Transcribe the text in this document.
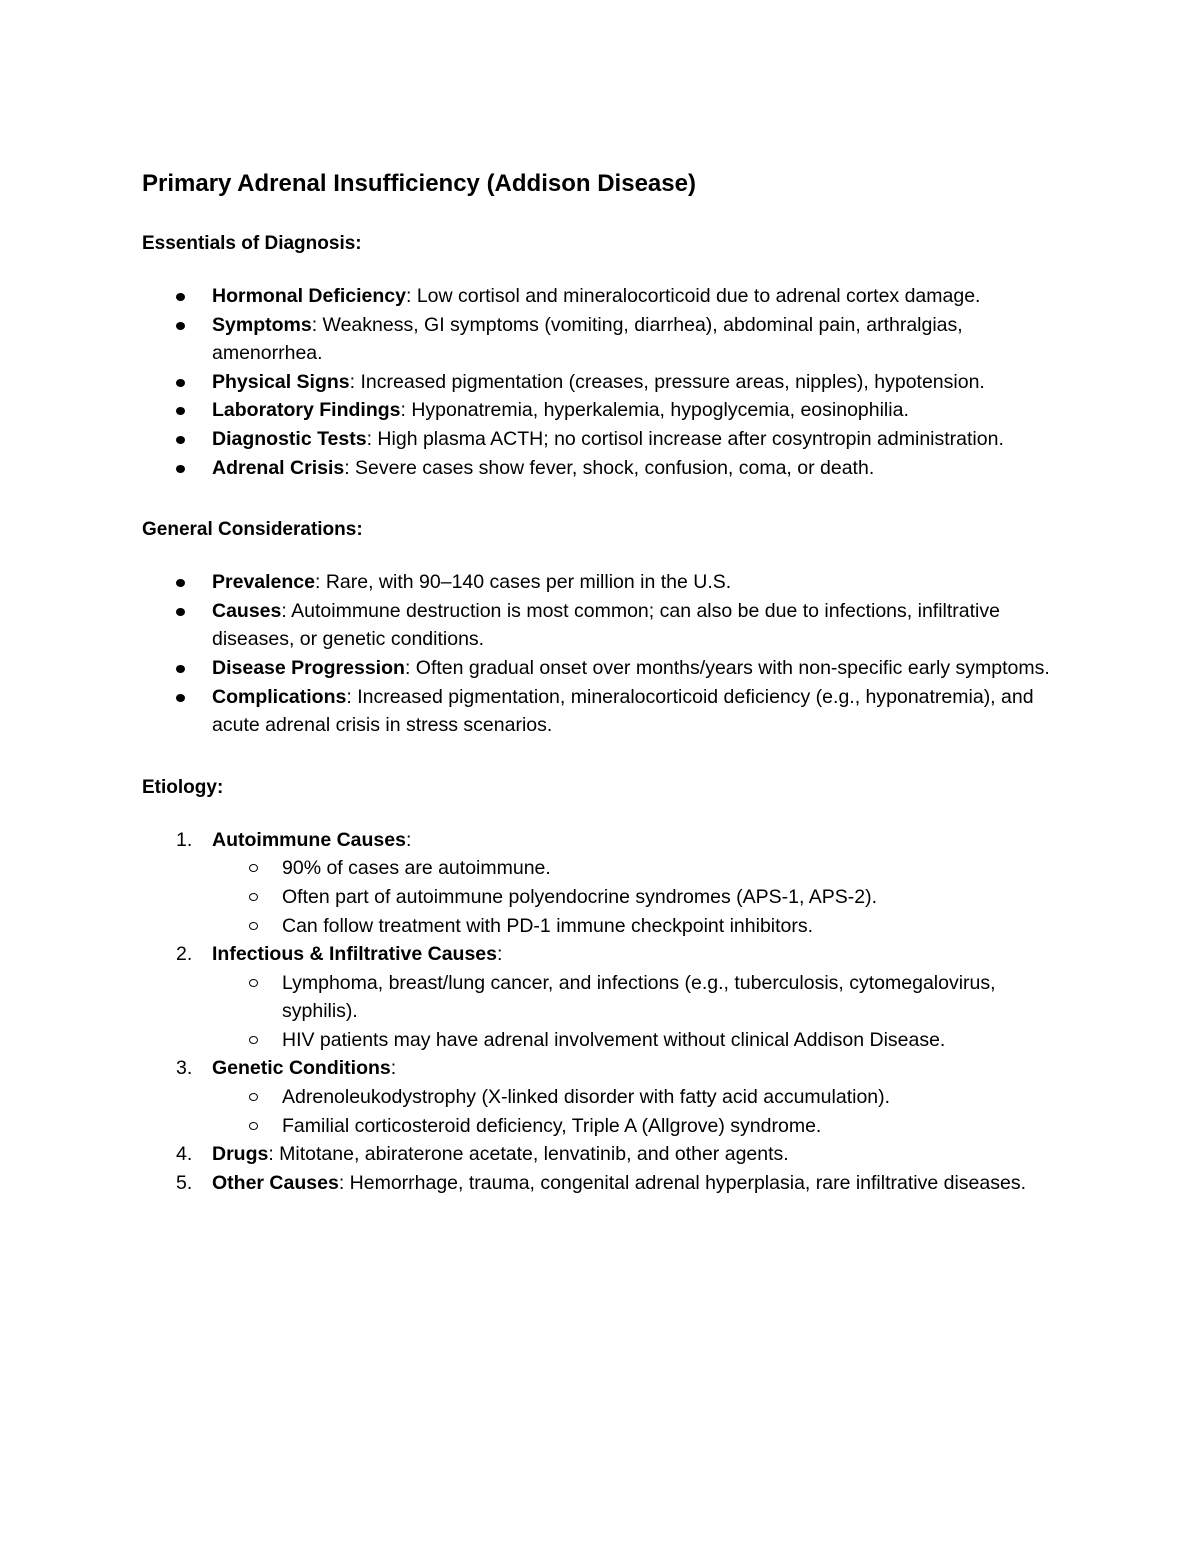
Primary Adrenal Insufficiency (Addison Disease)
Essentials of Diagnosis:
Hormonal Deficiency: Low cortisol and mineralocorticoid due to adrenal cortex damage.
Symptoms: Weakness, GI symptoms (vomiting, diarrhea), abdominal pain, arthralgias, amenorrhea.
Physical Signs: Increased pigmentation (creases, pressure areas, nipples), hypotension.
Laboratory Findings: Hyponatremia, hyperkalemia, hypoglycemia, eosinophilia.
Diagnostic Tests: High plasma ACTH; no cortisol increase after cosyntropin administration.
Adrenal Crisis: Severe cases show fever, shock, confusion, coma, or death.
General Considerations:
Prevalence: Rare, with 90–140 cases per million in the U.S.
Causes: Autoimmune destruction is most common; can also be due to infections, infiltrative diseases, or genetic conditions.
Disease Progression: Often gradual onset over months/years with non-specific early symptoms.
Complications: Increased pigmentation, mineralocorticoid deficiency (e.g., hyponatremia), and acute adrenal crisis in stress scenarios.
Etiology:
1.	Autoimmune Causes:
90% of cases are autoimmune.
Often part of autoimmune polyendocrine syndromes (APS-1, APS-2).
Can follow treatment with PD-1 immune checkpoint inhibitors.
2.	Infectious & Infiltrative Causes:
Lymphoma, breast/lung cancer, and infections (e.g., tuberculosis, cytomegalovirus, syphilis).
HIV patients may have adrenal involvement without clinical Addison Disease.
3.	Genetic Conditions:
Adrenoleukodystrophy (X-linked disorder with fatty acid accumulation).
Familial corticosteroid deficiency, Triple A (Allgrove) syndrome.
4.	Drugs: Mitotane, abiraterone acetate, lenvatinib, and other agents.
5.	Other Causes: Hemorrhage, trauma, congenital adrenal hyperplasia, rare infiltrative diseases.
